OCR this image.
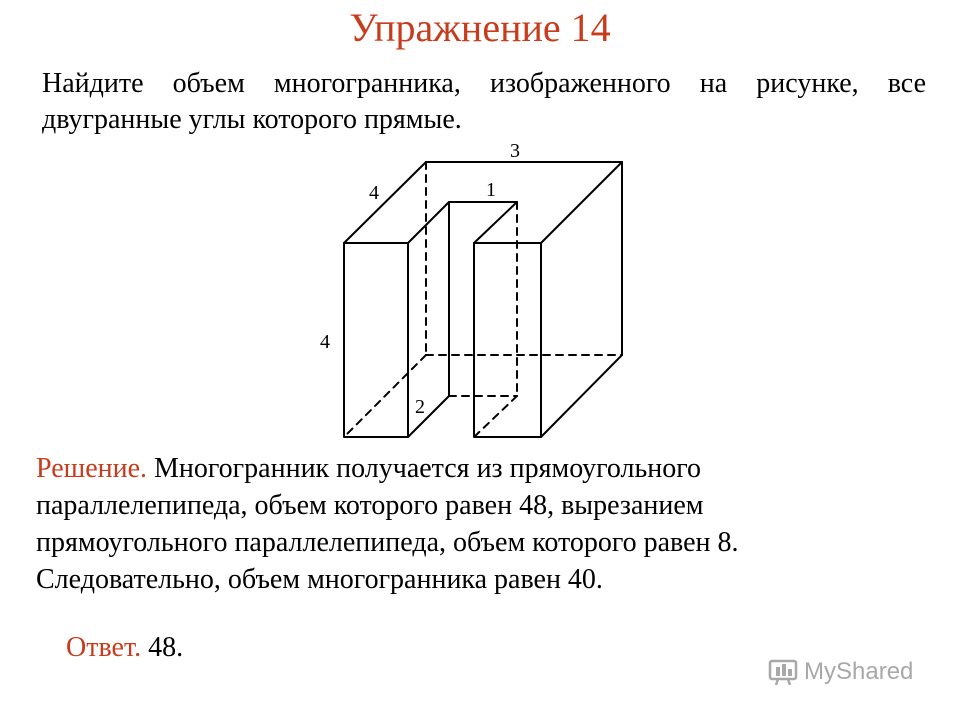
Упражнение 14
Найдите объем многогранника, изображенного на рисунке, все двугранные углы которого прямые.
3
4	1
4
2
Решение. Многогранник получается из прямоугольного параллелепипеда, объем которого равен 48, вырезанием прямоугольного параллелепипеда, объем которого равен 8. Следовательно, объем многогранника равен 40.
Ответ. 48.
MyShared
